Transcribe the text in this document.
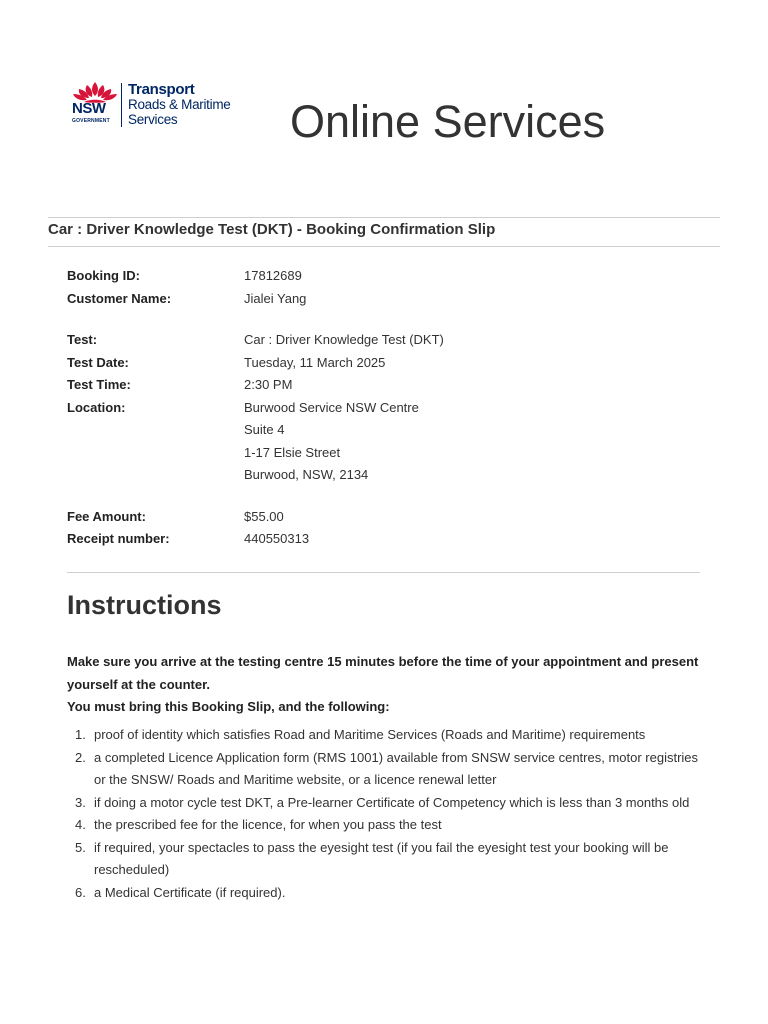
NSW
GOVERNMENT
Transport
Roads & Maritime
Services	Online Services
Car : Driver Knowledge Test (DKT) - Booking Confirmation Slip
Booking ID:	17812689
Customer Name:	Jialei Yang
Test:	Car : Driver Knowledge Test (DKT)
Test Date:	Tuesday, 11 March 2025
Test Time:	2:30 PM
Location:	Burwood Service NSW Centre
Suite 4
1-17 Elsie Street
Burwood, NSW, 2134
Fee Amount:	$55.00
Receipt number:	440550313
Instructions

Make sure you arrive at the testing centre 15 minutes before the time of your appointment and present yourself at the counter.

You must bring this Booking Slip, and the following:

1. proof of identity which satisfies Road and Maritime Services (Roads and Maritime) requirements
2. a completed Licence Application form (RMS 1001) available from SNSW service centres, motor registries or the SNSW/ Roads and Maritime website, or a licence renewal letter
3. if doing a motor cycle test DKT, a Pre-learner Certificate of Competency which is less than 3 months old
4. the prescribed fee for the licence, for when you pass the test
5. if required, your spectacles to pass the eyesight test (if you fail the eyesight test your booking will be rescheduled)
6. a Medical Certificate (if required).
